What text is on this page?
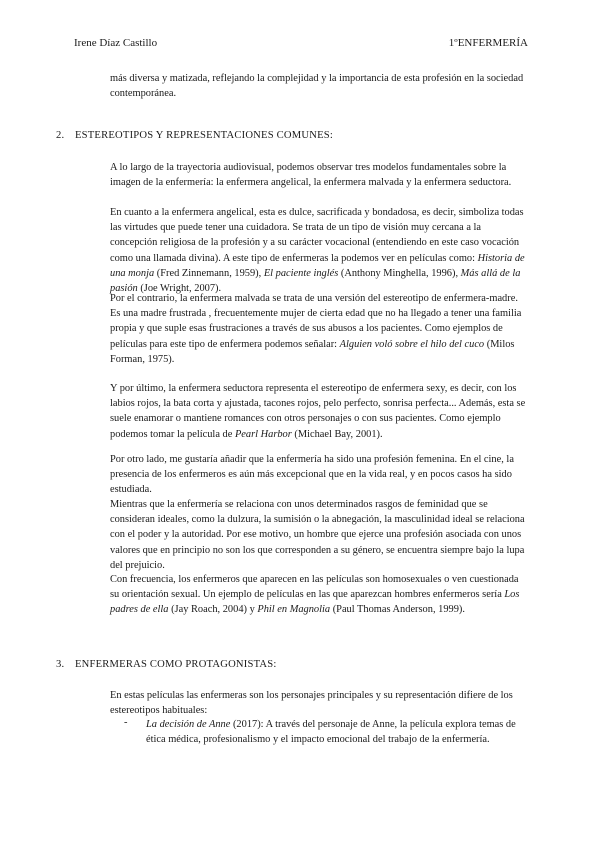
Irene Díaz Castillo	1ºENFERMERÍA

más diversa y matizada, reflejando la complejidad y la importancia de esta profesión en la sociedad contemporánea.

2. ESTEREOTIPOS Y REPRESENTACIONES COMUNES:

A lo largo de la trayectoria audiovisual, podemos observar tres modelos fundamentales sobre la imagen de la enfermería: la enfermera angelical, la enfermera malvada y la enfermera seductora.

En cuanto a la enfermera angelical, esta es dulce, sacrificada y bondadosa, es decir, simboliza todas las virtudes que puede tener una cuidadora. Se trata de un tipo de visión muy cercana a la concepción religiosa de la profesión y a su carácter vocacional (entendiendo en este caso vocación como una llamada divina). A este tipo de enfermeras la podemos ver en películas como: Historia de una monja (Fred Zinnemann, 1959), El paciente inglés (Anthony Minghella, 1996), Más allá de la pasión (Joe Wright, 2007).

Por el contrario, la enfermera malvada se trata de una versión del estereotipo de enfermera-madre. Es una madre frustrada , frecuentemente mujer de cierta edad que no ha llegado a tener una familia propia y que suple esas frustraciones a través de sus abusos a los pacientes. Como ejemplos de películas para este tipo de enfermera podemos señalar: Alguien voló sobre el hilo del cuco (Milos Forman, 1975).

Y por último, la enfermera seductora representa el estereotipo de enfermera sexy, es decir, con los labios rojos, la bata corta y ajustada, tacones rojos, pelo perfecto, sonrisa perfecta... Además, esta se suele enamorar o mantiene romances con otros personajes o con sus pacientes. Como ejemplo podemos tomar la película de Pearl Harbor (Michael Bay, 2001).

Por otro lado, me gustaría añadir que la enfermería ha sido una profesión femenina. En el cine, la presencia de los enfermeros es aún más excepcional que en la vida real, y en pocos casos ha sido estudiada.

Mientras que la enfermería se relaciona con unos determinados rasgos de feminidad que se consideran ideales, como la dulzura, la sumisión o la abnegación, la masculinidad ideal se relaciona con el poder y la autoridad. Por ese motivo, un hombre que ejerce una profesión asociada con unos valores que en principio no son los que corresponden a su género, se encuentra siempre bajo la lupa del prejuicio.

Con frecuencia, los enfermeros que aparecen en las películas son homosexuales o ven cuestionada su orientación sexual. Un ejemplo de películas en las que aparezcan hombres enfermeros sería Los padres de ella (Jay Roach, 2004) y Phil en Magnolia (Paul Thomas Anderson, 1999).

3. ENFERMERAS COMO PROTAGONISTAS:

En estas películas las enfermeras son los personajes principales y su representación difiere de los estereotipos habituales:

- La decisión de Anne (2017): A través del personaje de Anne, la película explora temas de ética médica, profesionalismo y el impacto emocional del trabajo de la enfermería.
